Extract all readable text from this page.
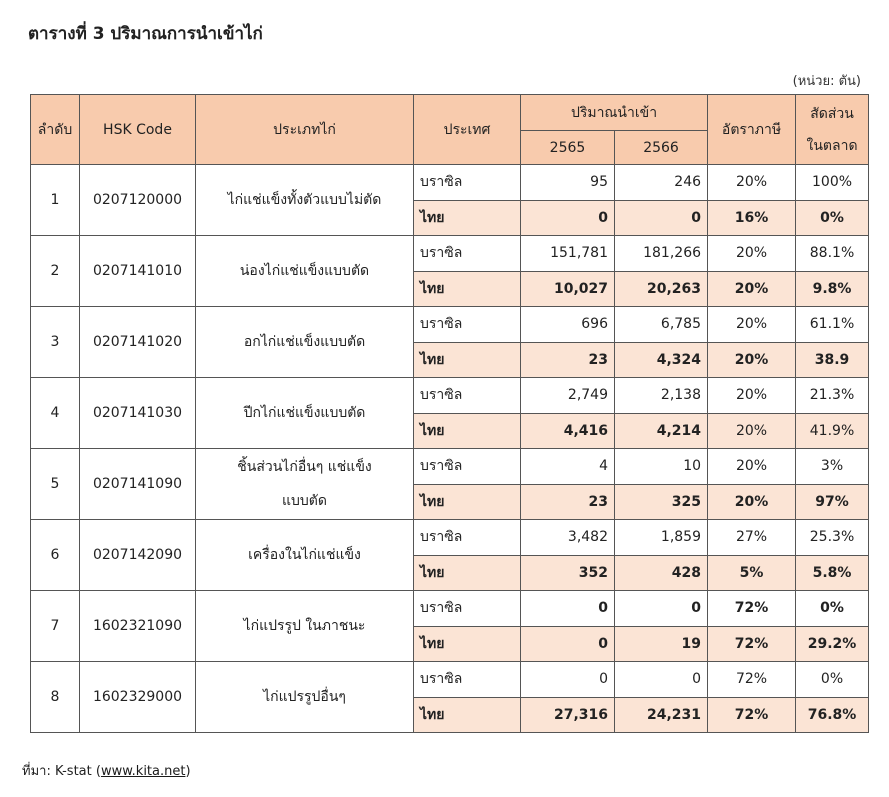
ตารางที่ 3 ปริมาณการนำเข้าไก่
(หน่วย: ตัน)
ลำดับ	HSK Code	ประเภทไก่	ประเทศ	ปริมาณนำเข้า		อัตราภาษี	สัดส่วน
ในตลาด

				2565	2566		
1	0207120000	ไก่แช่แข็งทั้งตัวแบบไม่ตัด	บราซิล	95	246	20%	100%
			ไทย	0	0	16%	0%
2	0207141010	น่องไก่แช่แข็งแบบตัด	บราซิล	151,781	181,266	20%	88.1%
			ไทย	10,027	20,263	20%	9.8%
3	0207141020	อกไก่แช่แข็งแบบตัด	บราซิล	696	6,785	20%	61.1%
			ไทย	23	4,324	20%	38.9
4	0207141030	ปีกไก่แช่แข็งแบบตัด	บราซิล	2,749	2,138	20%	21.3%
			ไทย	4,416	4,214	20%	41.9%
5	0207141090	ชิ้นส่วนไก่อื่นๆ แช่แข็ง
แบบตัด	บราซิล	4	10	20%	3%
			ไทย	23	325	20%	97%
6	0207142090	เครื่องในไก่แช่แข็ง	บราซิล	3,482	1,859	27%	25.3%
			ไทย	352	428	5%	5.8%
7	1602321090	ไก่แปรรูป ในภาชนะ	บราซิล	0	0	72%	0%
			ไทย	0	19	72%	29.2%
8	1602329000	ไก่แปรรูปอื่นๆ	บราซิล	0	0	72%	0%
			ไทย	27,316	24,231	72%	76.8%
ที่มา: K-stat (www.kita.net)
